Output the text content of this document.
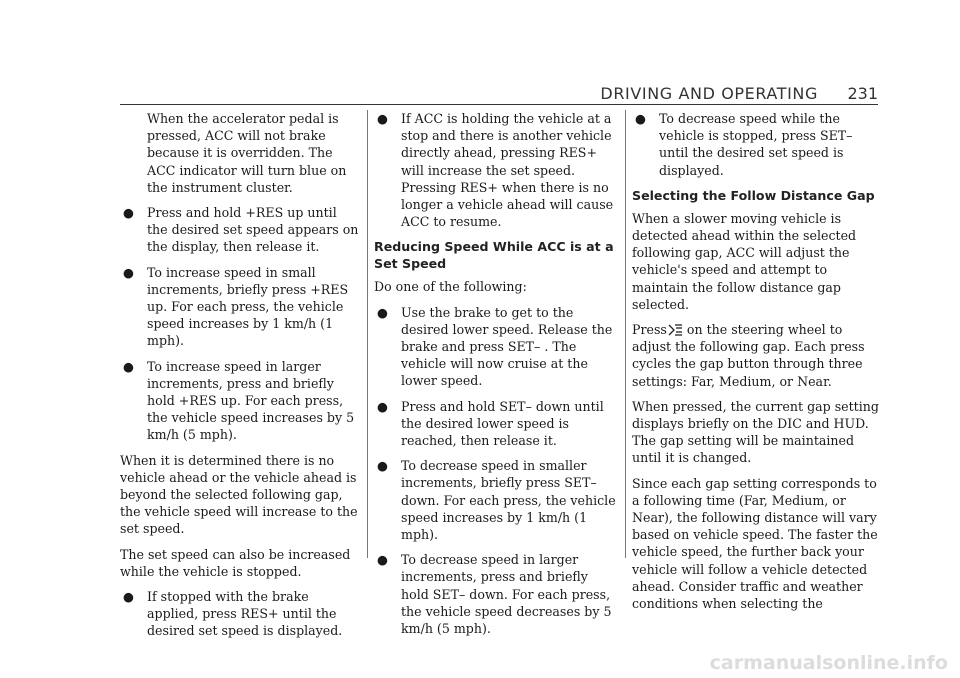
DRIVING AND OPERATING 231

When the accelerator pedal is pressed, ACC will not brake because it is overridden. The ACC indicator will turn blue on the instrument cluster.

● Press and hold +RES up until the desired set speed appears on the display, then release it.
● To increase speed in small increments, briefly press +RES up. For each press, the vehicle speed increases by 1 km/h (1 mph).
● To increase speed in larger increments, press and briefly hold +RES up. For each press, the vehicle speed increases by 5 km/h (5 mph).

When it is determined there is no vehicle ahead or the vehicle ahead is beyond the selected following gap, the vehicle speed will increase to the set speed.

The set speed can also be increased while the vehicle is stopped.

● If stopped with the brake applied, press RES+ until the desired set speed is displayed.
● If ACC is holding the vehicle at a stop and there is another vehicle directly ahead, pressing RES+ will increase the set speed. Pressing RES+ when there is no longer a vehicle ahead will cause ACC to resume.
Reducing Speed While ACC is at a Set Speed

Do one of the following:

● Use the brake to get to the desired lower speed. Release the brake and press SET– . The vehicle will now cruise at the lower speed.
● Press and hold SET– down until the desired lower speed is reached, then release it.
● To decrease speed in smaller increments, briefly press SET– down. For each press, the vehicle speed increases by 1 km/h (1 mph).
● To decrease speed in larger increments, press and briefly hold SET– down. For each press, the vehicle speed decreases by 5 km/h (5 mph).
● To decrease speed while the vehicle is stopped, press SET– until the desired set speed is displayed.
Selecting the Follow Distance Gap

When a slower moving vehicle is detected ahead within the selected following gap, ACC will adjust the vehicle's speed and attempt to maintain the follow distance gap selected.

Press on the steering wheel to adjust the following gap. Each press cycles the gap button through three settings: Far, Medium, or Near.

When pressed, the current gap setting displays briefly on the DIC and HUD. The gap setting will be maintained until it is changed.

Since each gap setting corresponds to a following time (Far, Medium, or Near), the following distance will vary based on vehicle speed. The faster the vehicle speed, the further back your vehicle will follow a vehicle detected ahead. Consider traffic and weather conditions when selecting the

carmanualsonline.info
